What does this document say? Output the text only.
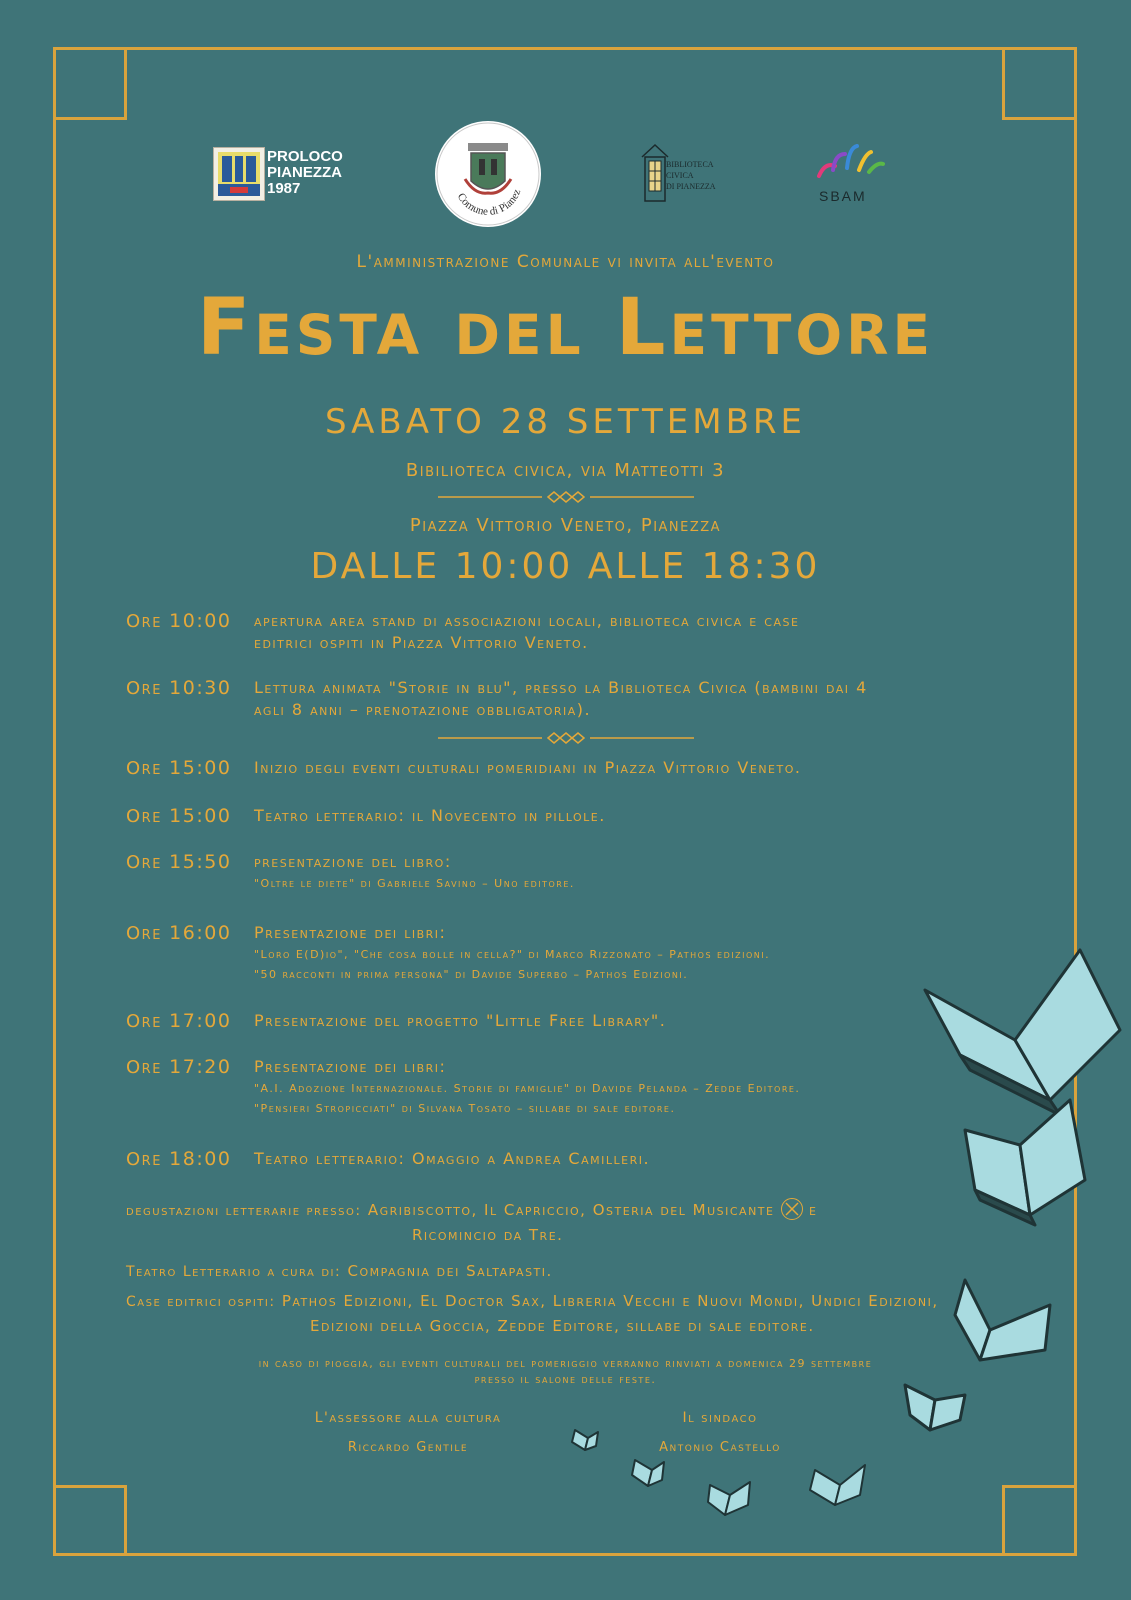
PROLOCO
PIANEZZA
1987
Comune di Pianez
BIBLIOTECA
CIVICA
DI PIANEZZA
SBAM
L'amministrazione Comunale vi invita all'evento
Festa del Lettore
SABATO 28 SETTEMBRE
Bibilioteca civica, via Matteotti 3
Piazza Vittorio Veneto, Pianezza
DALLE 10:00 ALLE 18:30
Ore 10:00 apertura area stand di associazioni locali, biblioteca civica e case
editrici ospiti in Piazza Vittorio Veneto.
Ore 10:30 Lettura animata "Storie in blu", presso la Biblioteca Civica (bambini dai 4
agli 8 anni – prenotazione obbligatoria).
Ore 15:00 Inizio degli eventi culturali pomeridiani in Piazza Vittorio Veneto.
Ore 15:00 Teatro letterario: il Novecento in pillole.
Ore 15:50 presentazione del libro:
"Oltre le diete" di Gabriele Savino – Uno editore.
Ore 16:00 Presentazione dei libri:
"Loro E(D)io", "Che cosa bolle in cella?" di Marco Rizzonato – Pathos edizioni.
"50 racconti in prima persona" di Davide Superbo – Pathos Edizioni.
Ore 17:00 Presentazione del progetto "Little Free Library".
Ore 17:20 Presentazione dei libri:
"A.I. Adozione Internazionale. Storie di famiglie" di Davide Pelanda – Zedde Editore.
"Pensieri Stropicciati" di Silvana Tosato – sillabe di sale editore.
Ore 18:00 Teatro letterario: Omaggio a Andrea Camilleri.
degustazioni letterarie presso: Agribiscotto, Il Capriccio, Osteria del Musicante e
Ricomincio da Tre.
Teatro Letterario a cura di: Compagnia dei Saltapasti.
Case editrici ospiti: Pathos Edizioni, El Doctor Sax, Libreria Vecchi e Nuovi Mondi, Undici Edizioni,
Edizioni della Goccia, Zedde Editore, sillabe di sale editore.
in caso di pioggia, gli eventi culturali del pomeriggio verranno rinviati a domenica 29 settembre
presso il salone delle feste.
L'assessore alla cultura
Riccardo Gentile
Il sindaco
Antonio Castello
